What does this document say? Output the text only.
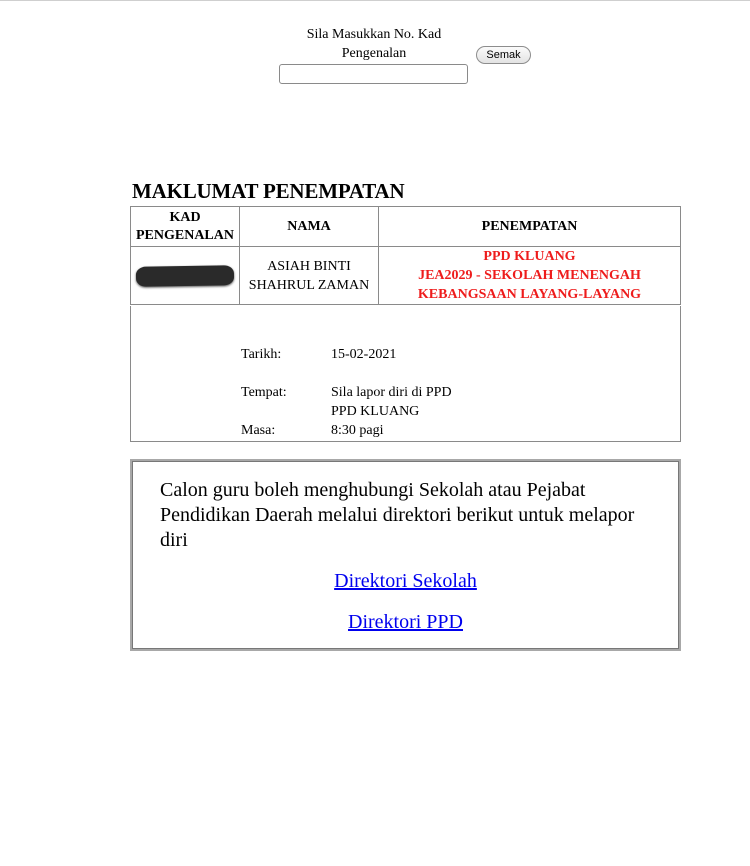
Sila Masukkan No. Kad Pengenalan	Semak
MAKLUMAT PENEMPATAN
KAD PENGENALAN	NAMA	PENEMPATAN
	ASIAH BINTI SHAHRUL ZAMAN	PPD KLUANG
JEA2029 - SEKOLAH MENENGAH KEBANGSAAN LAYANG-LAYANG
Tarikh:	15-02-2021
Tempat:	Sila lapor diri di PPD
PPD KLUANG
Masa:	8:30 pagi
Calon guru boleh menghubungi Sekolah atau Pejabat Pendidikan Daerah melalui direktori berikut untuk melapor diri
Direktori Sekolah
Direktori PPD
